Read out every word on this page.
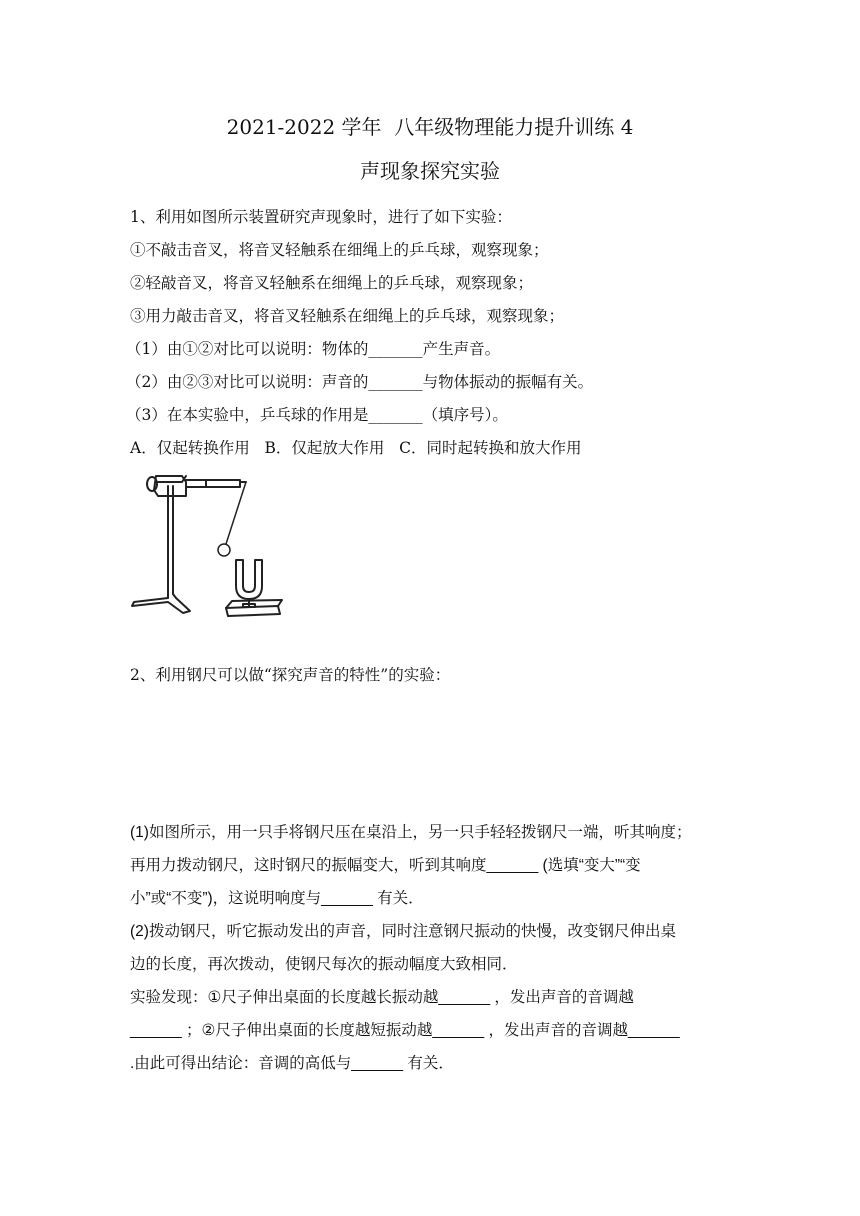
2021-2022 学年  八年级物理能力提升训练 4
声现象探究实验
1、利用如图所示装置研究声现象时，进行了如下实验：
①不敲击音叉，将音叉轻触系在细绳上的乒乓球，观察现象；
②轻敲音叉，将音叉轻触系在细绳上的乒乓球，观察现象；
③用力敲击音叉，将音叉轻触系在细绳上的乒乓球，观察现象；
（1）由①②对比可以说明：物体的_______产生声音。
（2）由②③对比可以说明：声音的_______与物体振动的振幅有关。
（3）在本实验中，乒乓球的作用是_______（填序号）。
A．仅起转换作用   B．仅起放大作用   C．同时起转换和放大作用
2、利用钢尺可以做“探究声音的特性”的实验：
(1)如图所示，用一只手将钢尺压在桌沿上，另一只手轻轻拨钢尺一端，听其响度；
再用力拨动钢尺，这时钢尺的振幅变大，听到其响度______ (选填“变大”“变
小”或“不变”)，这说明响度与______ 有关．
(2)拨动钢尺，听它振动发出的声音，同时注意钢尺振动的快慢，改变钢尺伸出桌
边的长度，再次拨动，使钢尺每次的振动幅度大致相同．
实验发现：①尺子伸出桌面的长度越长振动越______ ，发出声音的音调越
______ ；②尺子伸出桌面的长度越短振动越______ ，发出声音的音调越______
.由此可得出结论：音调的高低与______ 有关．
